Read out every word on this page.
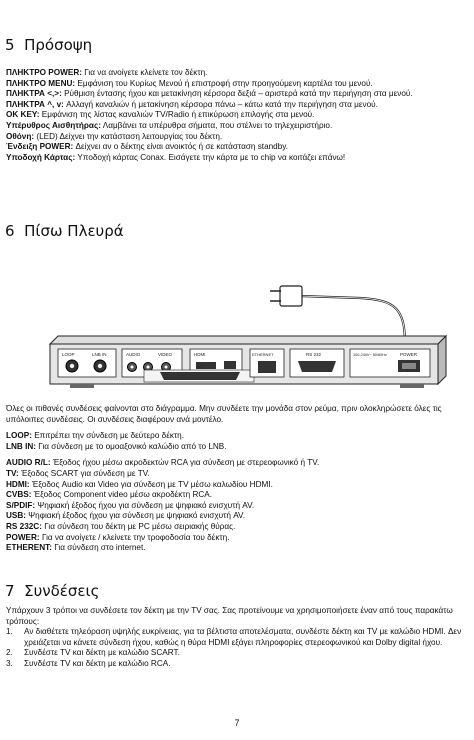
5 Πρόσοψη

ΠΛΗΚΤΡΟ POWER: Για να ανοίγετε κλείνετε τον δέκτη.

ΠΛΗΚΤΡΟ MENU: Εμφάνιση του Κυρίως Μενού ή επιστροφή στην προηγούμενη καρτέλα του μενού.

ΠΛΗΚΤΡΑ <,>: Ρύθμιση έντασης ήχου και μετακίνηση κέρσορα δεξιά – αριστερά κατά την περιήγηση στα μενού.

ΠΛΗΚΤΡΑ ^, v: Αλλαγή καναλιών ή μετακίνηση κέρσορα πάνω – κάτω κατά την περιήγηση στα μενού.

OK KEY: Εμφάνιση της λίστας καναλιών TV/Radio ή επικύρωση επιλογής στα μενού.

Υπέρυθρος Αισθητήρας: Λαμβάνει τα υπέρυθρα σήματα, που στέλνει το τηλεχειριστήριο.

Οθόνη: (LED) Δείχνει την κατάσταση λειτουργίας του δέκτη.

Ένδειξη POWER: Δείχνει αν ο δέκτης είναι ανοικτός ή σε κατάσταση standby.

Υποδοχή Κάρτας: Υποδοχή κάρτας Conax. Εισάγετε την κάρτα με το chip να κοιτάζει επάνω!

6 Πίσω Πλευρά
LOOP	LNB IN	AUDIO	VIDEO	HDMI
TV
ETHERNET	RS 232	100-240V~ 50/60Hz	POWER

Όλες οι πιθανές συνδέσεις φαίνονται στο διάγραμμα. Μην συνδέετε την μονάδα στον ρεύμα, πριν ολοκληρώσετε όλες τις υπόλοιπες συνδέσεις. Οι συνδέσεις διαφέρουν ανά μοντέλο.

LOOP: Επιτρέπει την σύνδεση με δεύτερο δέκτη.

LNB IN: Για σύνδεση με το ομοαξονικό καλώδιο από το LNB.

AUDIO R/L: Έξοδος ήχου μέσω ακροδεκτών RCA για σύνδεση με στερεοφωνικό ή TV.

TV: Έξοδος SCART για σύνδεση με TV.

HDMI: Έξοδος Audio και Video για σύνδεση με TV μέσω καλωδίου HDMI.

CVBS: Έξοδος Component video μέσω ακροδέκτη RCA.

S/PDIF: Ψηφιακή έξοδος ήχου για σύνδεση με ψηφιακό ενισχυτή AV.

USB: Ψηφιακή έξοδος ήχου για σύνδεση με ψηφιακό ενισχυτή AV.

RS 232C: Για σύνδεση του δέκτη με PC μέσω σειριακής θύρας.

POWER: Για να ανοίγετε / κλείνετε την τροφοδοσία του δέκτη.

ETHERENT: Για σύνδεση στο internet.

7 Συνδέσεις

Υπάρχουν 3 τρόποι να συνδέσετε τον δέκτη με την TV σας. Σας προτείνουμε να χρησιμοποιήσετε έναν από τους παρακάτω τρόπους:

1.	Αν διαθέτετε τηλεόραση υψηλής ευκρίνειας, για τα βέλτιστα αποτελέσματα, συνδέστε δέκτη και TV με καλώδιο HDMI. Δεν χρειάζεται να κάνετε σύνδεση ήχου, καθώς η θύρα HDMI εξάγει πληροφορίες στερεοφωνικού και Dolby digital ήχου.
2.	Συνδέστε TV και δέκτη με καλώδιο SCART.
3.	Συνδέστε TV και δέκτη με καλώδιο RCA.
7
